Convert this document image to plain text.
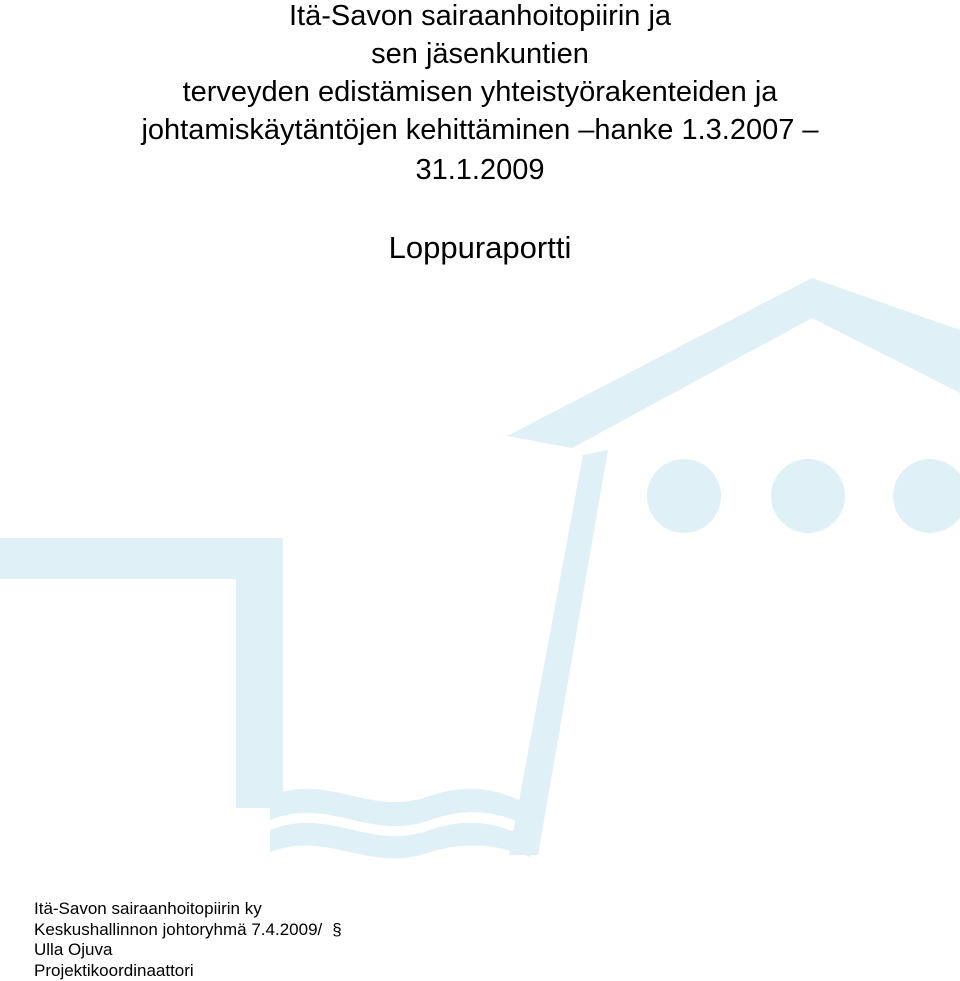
Itä-Savon sairaanhoitopiirin ja
sen jäsenkuntien
terveyden edistämisen yhteistyörakenteiden ja
johtamiskäytäntöjen kehittäminen –hanke 1.3.2007 –
31.1.2009
Loppuraportti
Itä-Savon sairaanhoitopiirin ky
Keskushallinnon johtoryhmä 7.4.2009/ §
Ulla Ojuva
Projektikoordinaattori
